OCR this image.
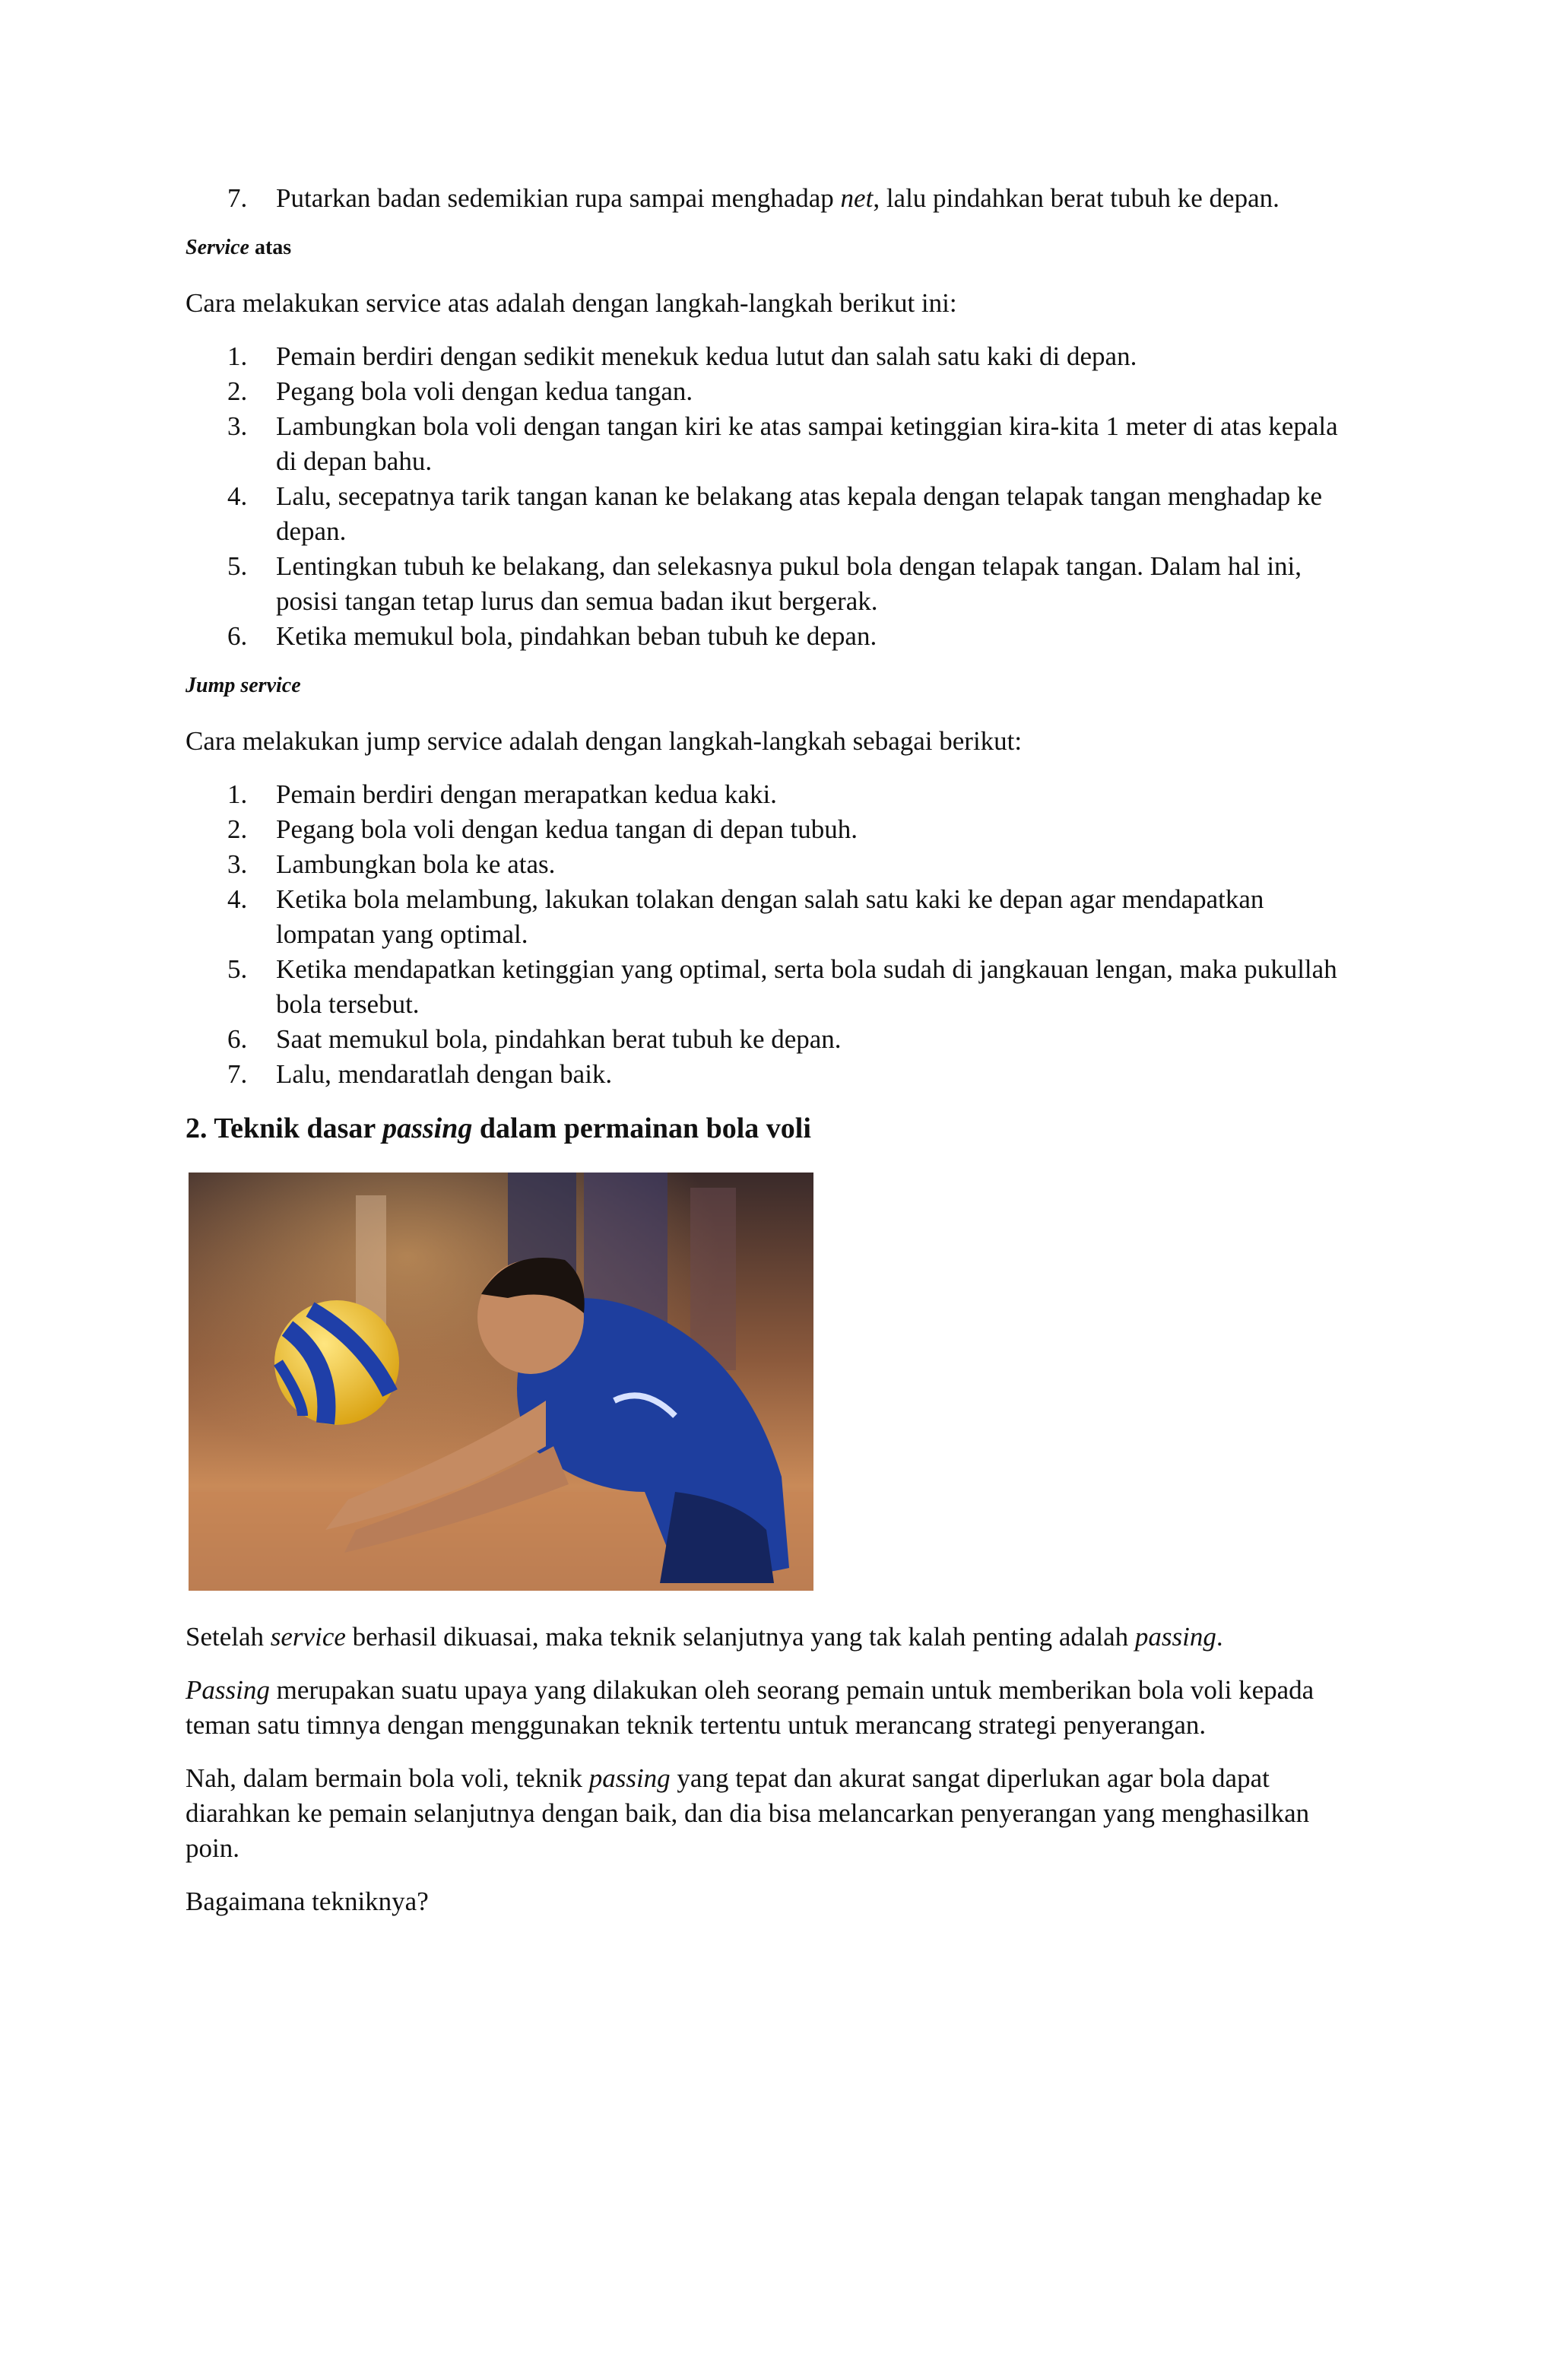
7. Putarkan badan sedemikian rupa sampai menghadap net, lalu pindahkan berat tubuh ke depan.
Service atas

Cara melakukan service atas adalah dengan langkah-langkah berikut ini:

1. Pemain berdiri dengan sedikit menekuk kedua lutut dan salah satu kaki di depan.
2. Pegang bola voli dengan kedua tangan.
3. Lambungkan bola voli dengan tangan kiri ke atas sampai ketinggian kira-kita 1 meter di atas kepala di depan bahu.
4. Lalu, secepatnya tarik tangan kanan ke belakang atas kepala dengan telapak tangan menghadap ke depan.
5. Lentingkan tubuh ke belakang, dan selekasnya pukul bola dengan telapak tangan. Dalam hal ini, posisi tangan tetap lurus dan semua badan ikut bergerak.
6. Ketika memukul bola, pindahkan beban tubuh ke depan.
Jump service

Cara melakukan jump service adalah dengan langkah-langkah sebagai berikut:

1. Pemain berdiri dengan merapatkan kedua kaki.
2. Pegang bola voli dengan kedua tangan di depan tubuh.
3. Lambungkan bola ke atas.
4. Ketika bola melambung, lakukan tolakan dengan salah satu kaki ke depan agar mendapatkan lompatan yang optimal.
5. Ketika mendapatkan ketinggian yang optimal, serta bola sudah di jangkauan lengan, maka pukullah bola tersebut.
6. Saat memukul bola, pindahkan berat tubuh ke depan.
7. Lalu, mendaratlah dengan baik.
2. Teknik dasar passing dalam permainan bola voli

Setelah service berhasil dikuasai, maka teknik selanjutnya yang tak kalah penting adalah passing.

Passing merupakan suatu upaya yang dilakukan oleh seorang pemain untuk memberikan bola voli kepada teman satu timnya dengan menggunakan teknik tertentu untuk merancang strategi penyerangan.

Nah, dalam bermain bola voli, teknik passing yang tepat dan akurat sangat diperlukan agar bola dapat diarahkan ke pemain selanjutnya dengan baik, dan dia bisa melancarkan penyerangan yang menghasilkan poin.

Bagaimana tekniknya?
